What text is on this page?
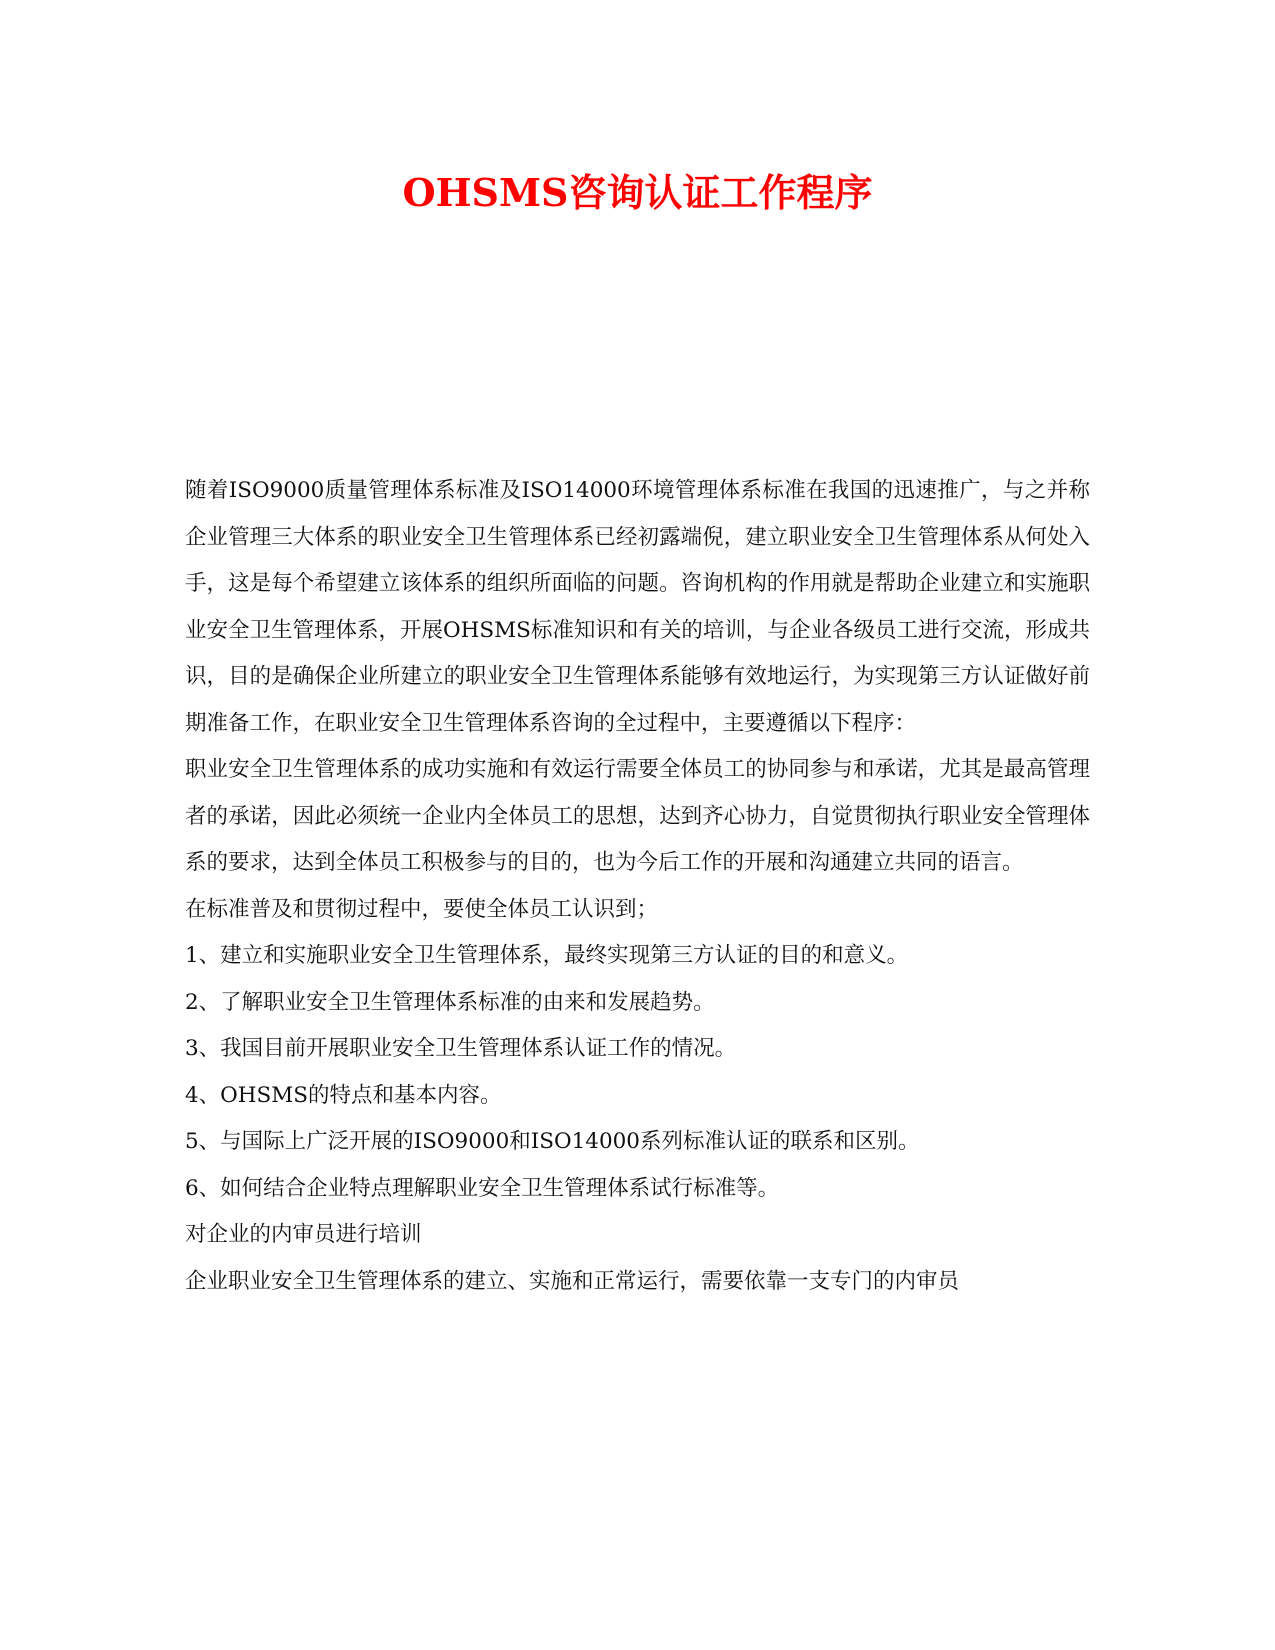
OHSMS咨询认证工作程序

随着ISO9000质量管理体系标准及ISO14000环境管理体系标准在我国的迅速推广，与之并称企业管理三大体系的职业安全卫生管理体系已经初露端倪，建立职业安全卫生管理体系从何处入手，这是每个希望建立该体系的组织所面临的问题。咨询机构的作用就是帮助企业建立和实施职业安全卫生管理体系，开展OHSMS标准知识和有关的培训，与企业各级员工进行交流，形成共识，目的是确保企业所建立的职业安全卫生管理体系能够有效地运行，为实现第三方认证做好前期准备工作，在职业安全卫生管理体系咨询的全过程中，主要遵循以下程序：

职业安全卫生管理体系的成功实施和有效运行需要全体员工的协同参与和承诺，尤其是最高管理者的承诺，因此必须统一企业内全体员工的思想，达到齐心协力，自觉贯彻执行职业安全管理体系的要求，达到全体员工积极参与的目的，也为今后工作的开展和沟通建立共同的语言。

在标准普及和贯彻过程中，要使全体员工认识到；

1、建立和实施职业安全卫生管理体系，最终实现第三方认证的目的和意义。

2、了解职业安全卫生管理体系标准的由来和发展趋势。

3、我国目前开展职业安全卫生管理体系认证工作的情况。

4、OHSMS的特点和基本内容。

5、与国际上广泛开展的ISO9000和ISO14000系列标准认证的联系和区别。

6、如何结合企业特点理解职业安全卫生管理体系试行标准等。

对企业的内审员进行培训

企业职业安全卫生管理体系的建立、实施和正常运行，需要依靠一支专门的内审员
